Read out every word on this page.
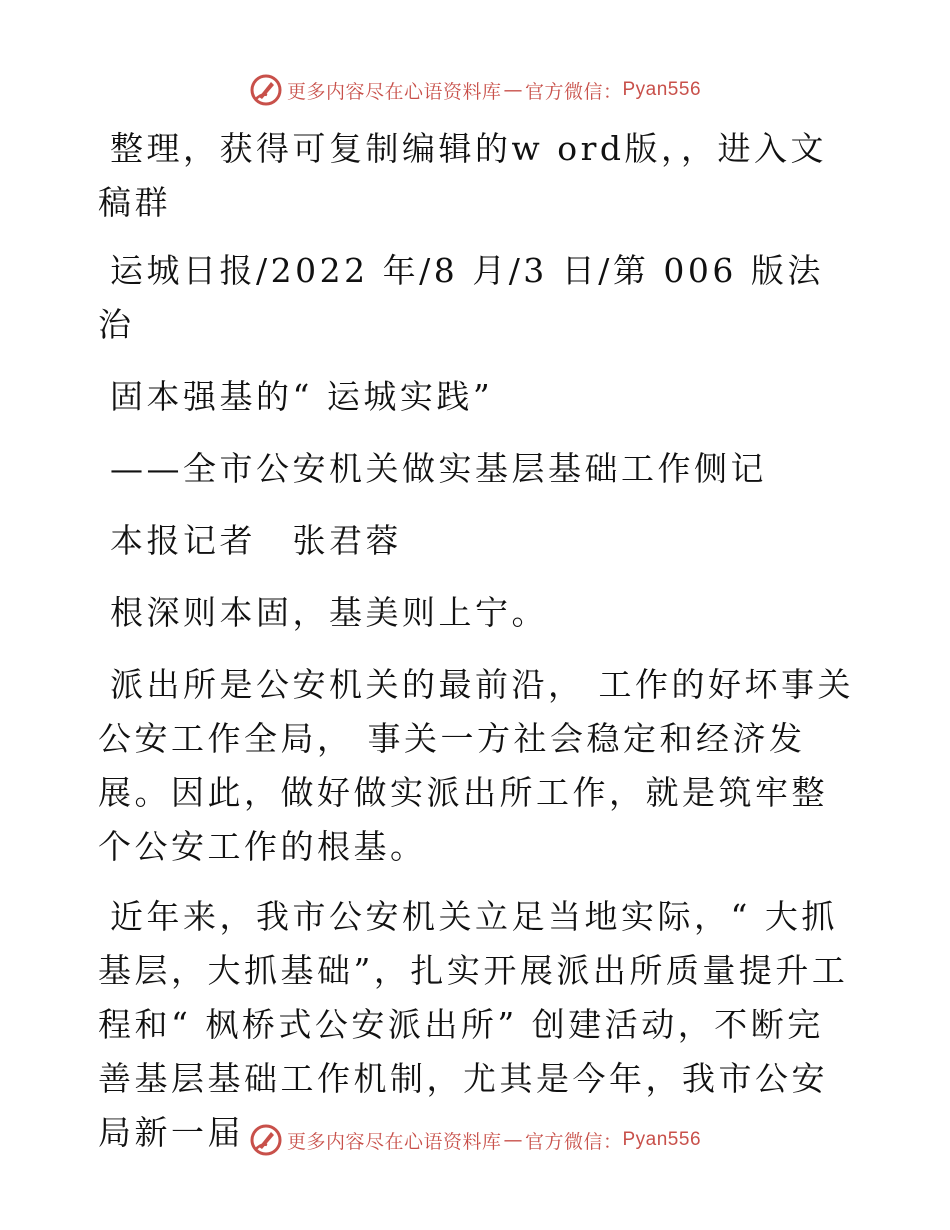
更多内容尽在心语资料库 — 官方微信： Pyan556

整理，获得可复制编辑的w ord版，，进入文稿群

运城日报/2022 年/8 月/3 日/第 006 版法治

固本强基的“ 运城实践”

——全市公安机关做实基层基础工作侧记

本报记者　张君蓉

根深则本固，基美则上宁。

派出所是公安机关的最前沿， 工作的好坏事关公安工作全局， 事关一方社会稳定和经济发展。因此，做好做实派出所工作，就是筑牢整个公安工作的根基。

近年来，我市公安机关立足当地实际，“ 大抓基层，大抓基础”，扎实开展派出所质量提升工程和“ 枫桥式公安派出所” 创建活动，不断完善基层基础工作机制，尤其是今年，我市公安局新一届	更多内容尽在心语资料库 — 官方微信： Pyan556
